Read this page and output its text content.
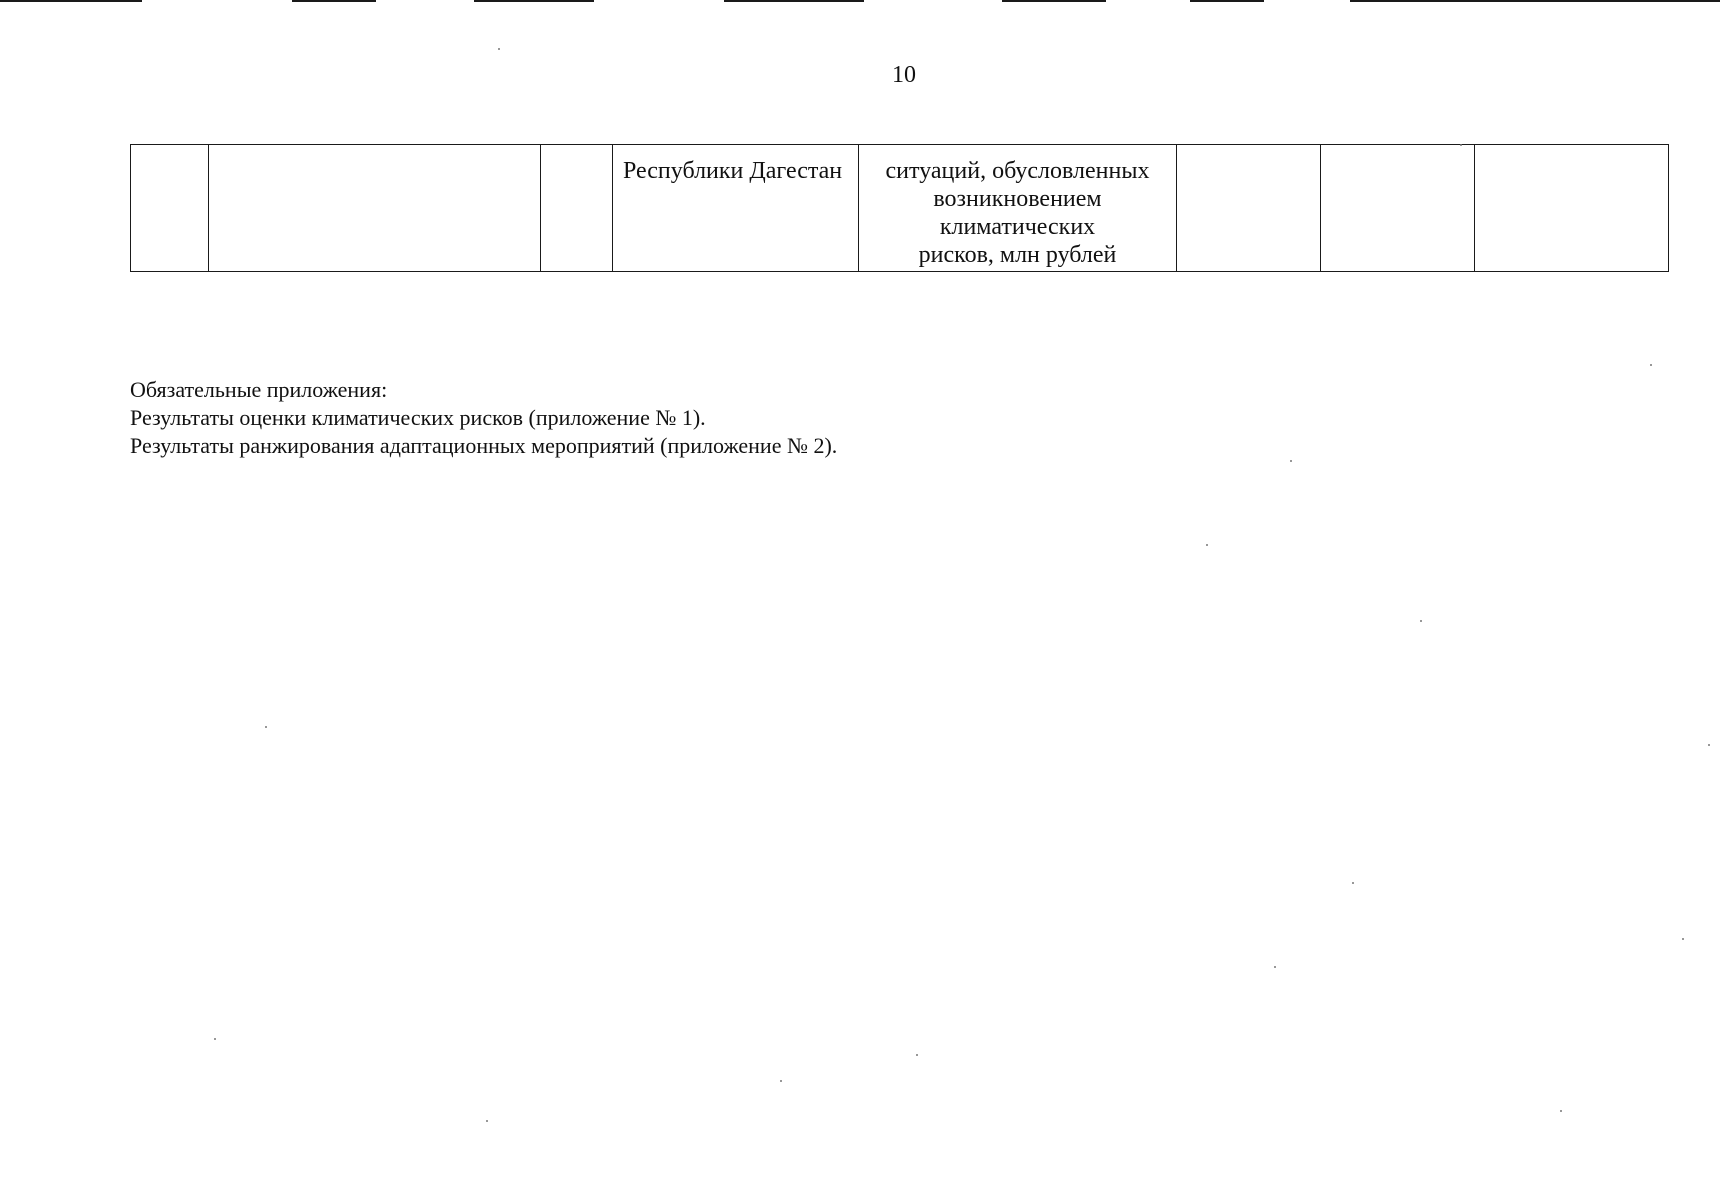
10
			Республики Дагестан	ситуаций, обусловленных
возникновением
климатических
рисков, млн рублей

Обязательные приложения:
Результаты оценки климатических рисков (приложение № 1).
Результаты ранжирования адаптационных мероприятий (приложение № 2).
